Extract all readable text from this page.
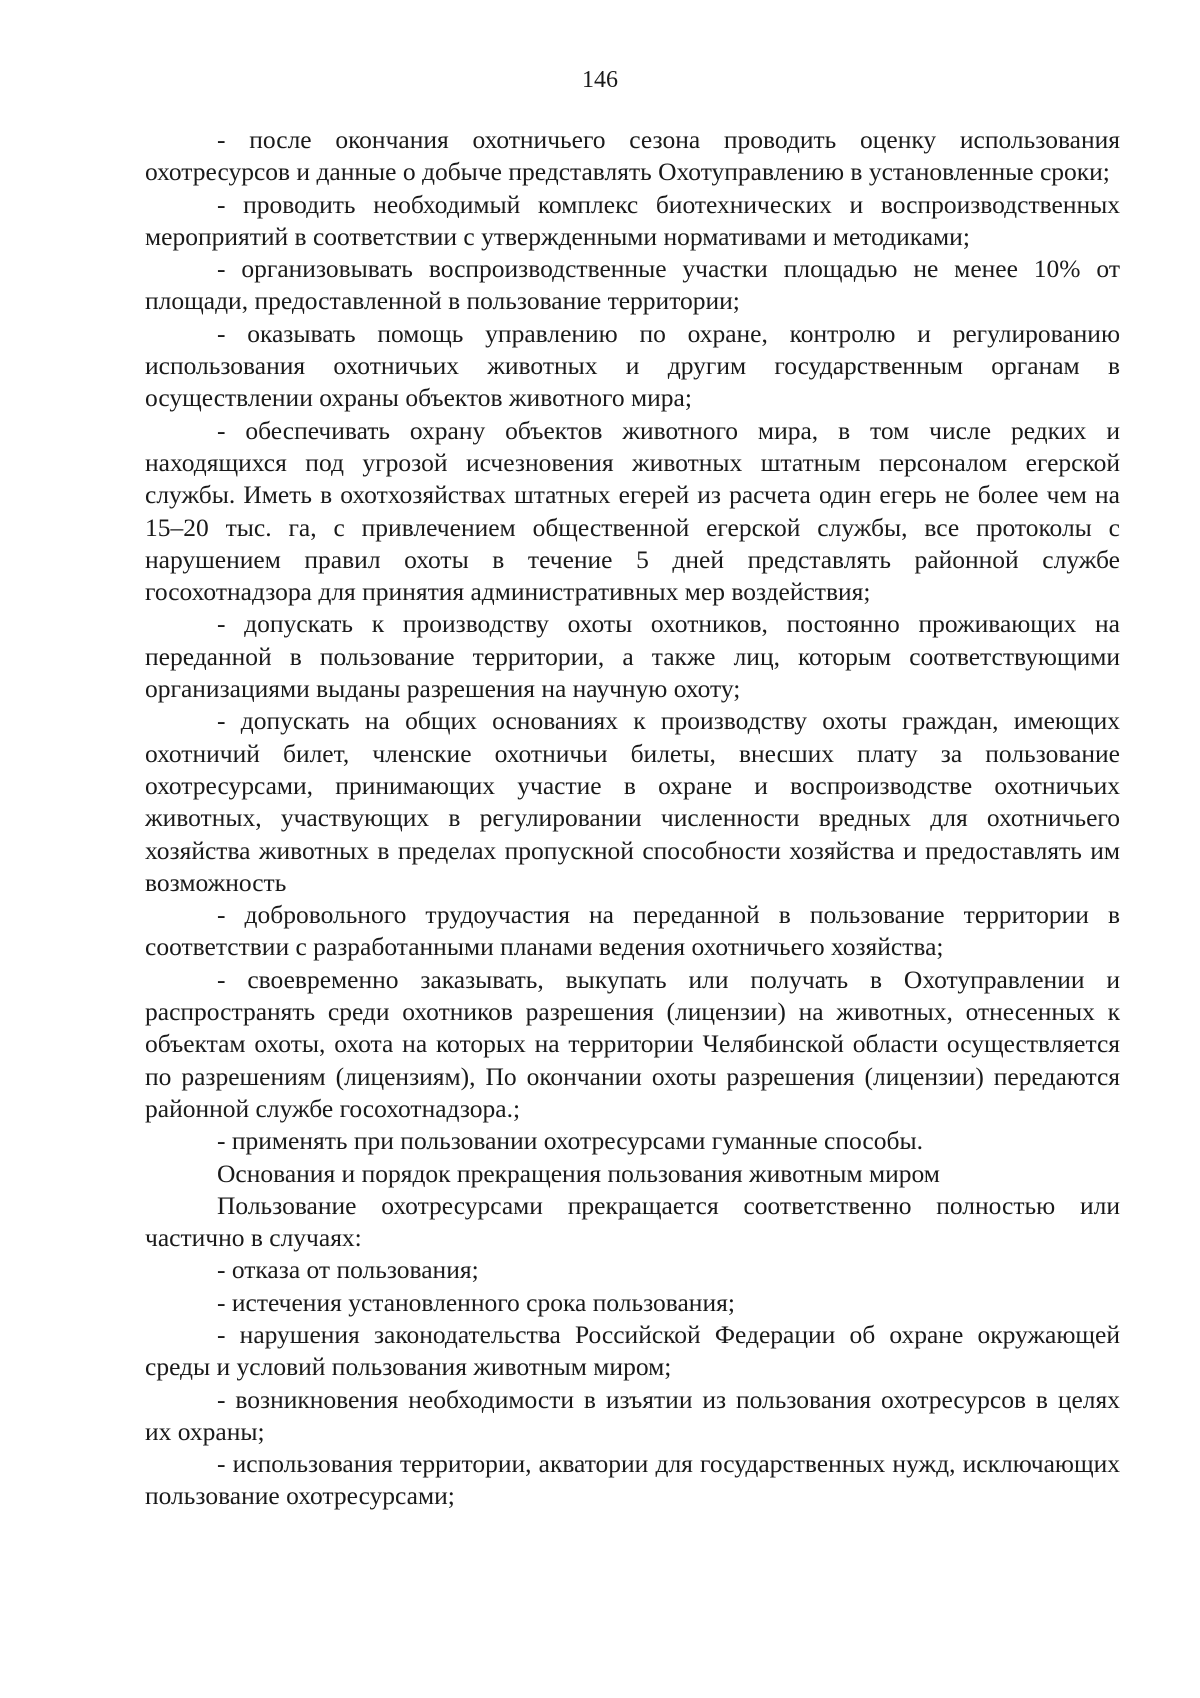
146

- после окончания охотничьего сезона проводить оценку использования охотресурсов и данные о добыче представлять Охотуправлению в установленные сроки;

- проводить необходимый комплекс биотехнических и воспроизводственных мероприятий в соответствии с утвержденными нормативами и методиками;

- организовывать воспроизводственные участки площадью не менее 10% от площади, предоставленной в пользование территории;

- оказывать помощь управлению по охране, контролю и регулированию использования охотничьих животных и другим государственным органам в осуществлении охраны объектов животного мира;

- обеспечивать охрану объектов животного мира, в том числе редких и находящихся под угрозой исчезновения животных штатным персоналом егерской службы. Иметь в охотхозяйствах штатных егерей из расчета один егерь не более чем на 15–20 тыс. га, с привлечением общественной егерской службы, все протоколы с нарушением правил охоты в течение 5 дней представлять районной службе госохотнадзора для принятия административных мер воздействия;

- допускать к производству охоты охотников, постоянно проживающих на переданной в пользование территории, а также лиц, которым соответствующими организациями выданы разрешения на научную охоту;

- допускать на общих основаниях к производству охоты граждан, имеющих охотничий билет, членские охотничьи билеты, внесших плату за пользование охотресурсами, принимающих участие в охране и воспроизводстве охотничьих животных, участвующих в регулировании численности вредных для охотничьего хозяйства животных в пределах пропускной способности хозяйства и предоставлять им возможность

- добровольного трудоучастия на переданной в пользование территории в соответствии с разработанными планами ведения охотничьего хозяйства;

- своевременно заказывать, выкупать или получать в Охотуправлении и распространять среди охотников разрешения (лицензии) на животных, отнесенных к объектам охоты, охота на которых на территории Челябинской области осуществляется по разрешениям (лицензиям), По окончании охоты разрешения (лицензии) передаются районной службе госохотнадзора.;

- применять при пользовании охотресурсами гуманные способы.

Основания и порядок прекращения пользования животным миром

Пользование охотресурсами прекращается соответственно полностью или частично в случаях:

- отказа от пользования;

- истечения установленного срока пользования;

- нарушения законодательства Российской Федерации об охране окружающей среды и условий пользования животным миром;

- возникновения необходимости в изъятии из пользования охотресурсов в целях их охраны;

- использования территории, акватории для государственных нужд, исключающих пользование охотресурсами;
